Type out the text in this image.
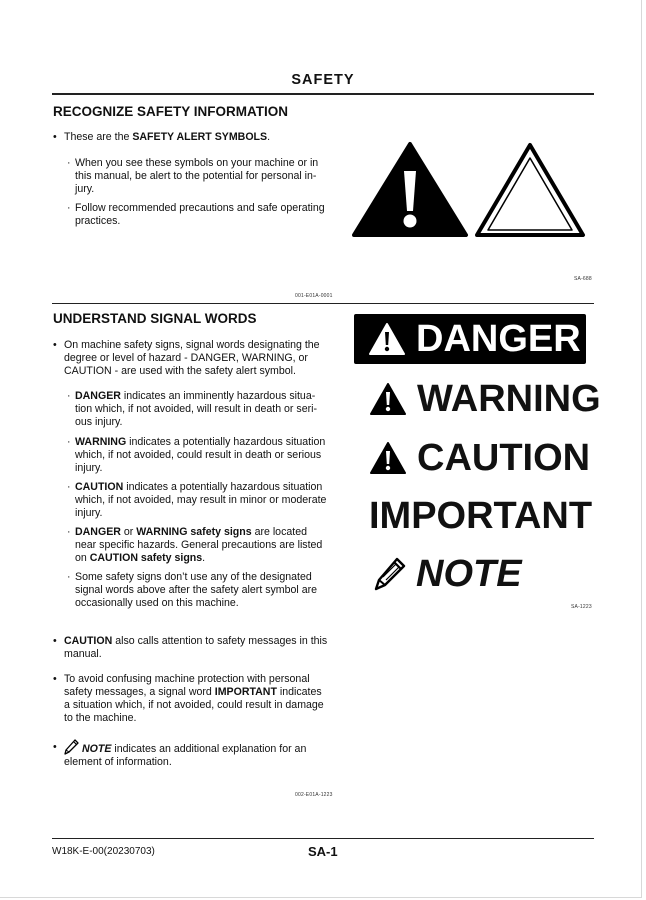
SAFETY
RECOGNIZE SAFETY INFORMATION
• These are the SAFETY ALERT SYMBOLS.
· When you see these symbols on your machine or in
this manual, be alert to the potential for personal in-
jury.
· Follow recommended precautions and safe operating
practices.
SA-688
001-E01A-0001
UNDERSTAND SIGNAL WORDS
• On machine safety signs, signal words designating the
degree or level of hazard - DANGER, WARNING, or
CAUTION - are used with the safety alert symbol.
· DANGER indicates an imminently hazardous situa-
tion which, if not avoided, will result in death or seri-
ous injury.
· WARNING indicates a potentially hazardous situation
which, if not avoided, could result in death or serious
injury.
· CAUTION indicates a potentially hazardous situation
which, if not avoided, may result in minor or moderate
injury.
· DANGER or WARNING safety signs are located
near specific hazards. General precautions are listed
on CAUTION safety signs.
· Some safety signs don’t use any of the designated
signal words above after the safety alert symbol are
occasionally used on this machine.
• CAUTION also calls attention to safety messages in this
manual.
• To avoid confusing machine protection with personal
safety messages, a signal word IMPORTANT indicates
a situation which, if not avoided, could result in damage
to the machine.
•	NOTE indicates an additional explanation for an
element of information.
DANGER
WARNING
CAUTION
IMPORTANT
NOTE
SA-1223
002-E01A-1223
W18K-E-00(20230703)	SA-1
